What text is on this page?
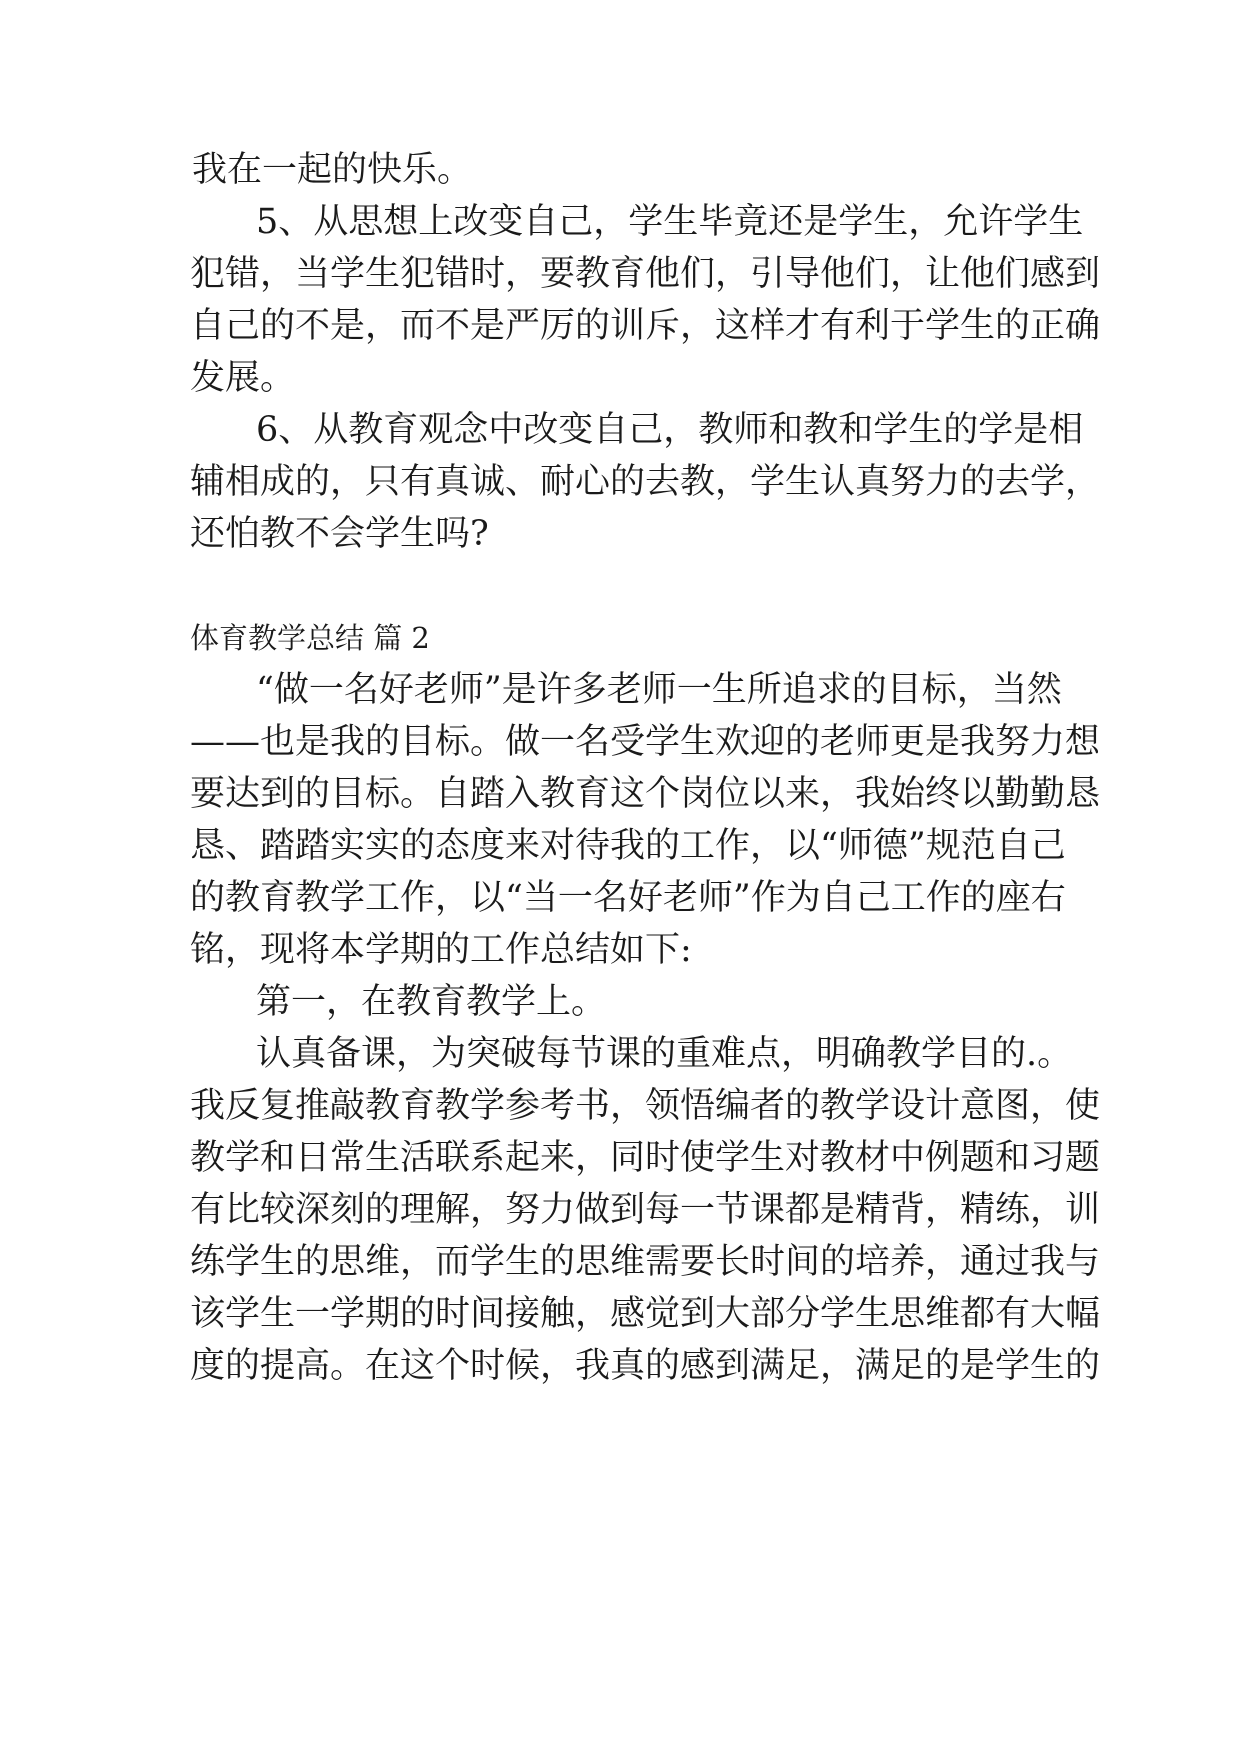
我在一起的快乐。
5、从思想上改变自己，学生毕竟还是学生，允许学生
犯错，当学生犯错时，要教育他们，引导他们，让他们感到
自己的不是，而不是严厉的训斥，这样才有利于学生的正确
发展。
6、从教育观念中改变自己，教师和教和学生的学是相
辅相成的，只有真诚、耐心的去教，学生认真努力的去学，
还怕教不会学生吗?
体育教学总结 篇 2
“做一名好老师”是许多老师一生所追求的目标，当然
——也是我的目标。做一名受学生欢迎的老师更是我努力想
要达到的目标。自踏入教育这个岗位以来，我始终以勤勤恳
恳、踏踏实实的态度来对待我的工作，以“师德”规范自己
的教育教学工作，以“当一名好老师”作为自己工作的座右
铭，现将本学期的工作总结如下:
第一，在教育教学上。
认真备课，为突破每节课的重难点，明确教学目的.。
我反复推敲教育教学参考书，领悟编者的教学设计意图，使
教学和日常生活联系起来，同时使学生对教材中例题和习题
有比较深刻的理解，努力做到每一节课都是精背，精练，训
练学生的思维，而学生的思维需要长时间的培养，通过我与
该学生一学期的时间接触，感觉到大部分学生思维都有大幅
度的提高。在这个时候，我真的感到满足，满足的是学生的
